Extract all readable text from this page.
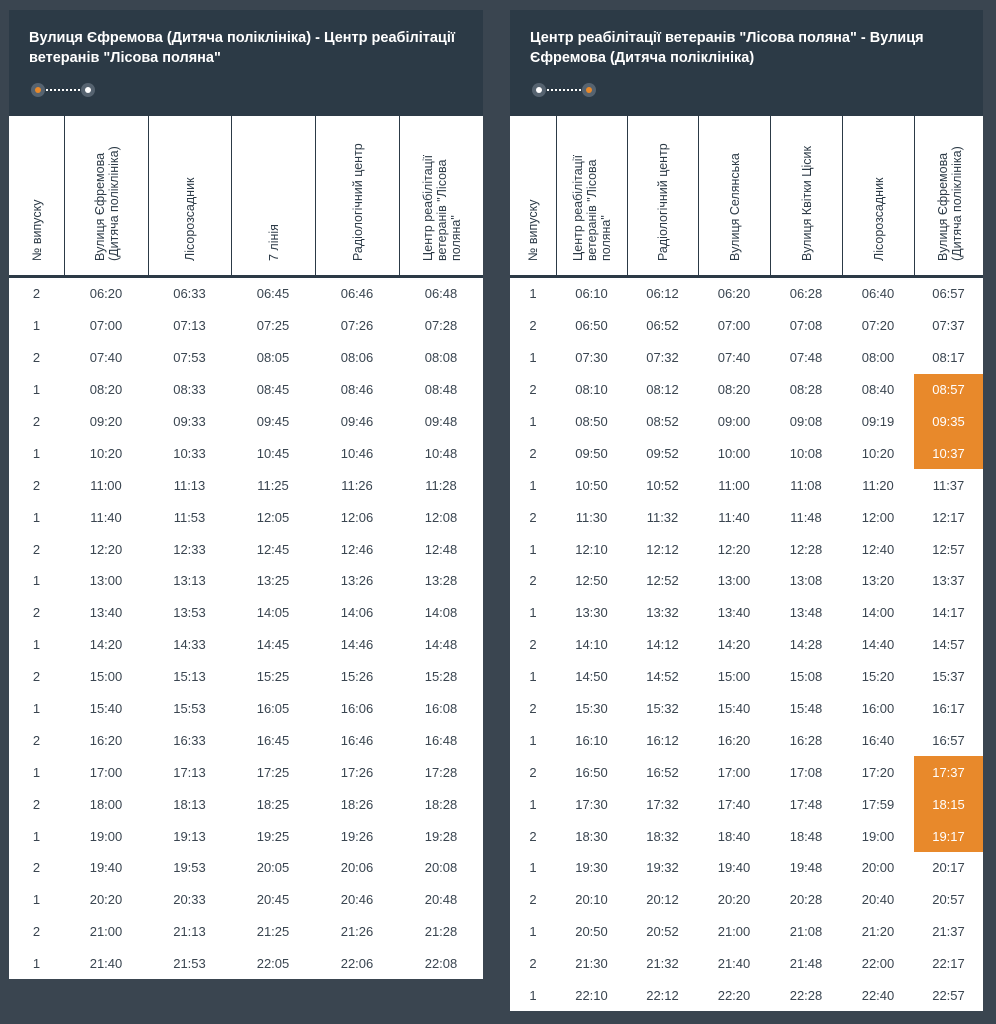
Вулиця Єфремова (Дитяча поліклініка) - Центр реабілітації ветеранів "Лісова поляна"

№ випуску	Вулиця Єфремова (Дитяча поліклініка)	Лісорозсадник	7 лінія	Радіологічний центр	Центр реабілітації ветеранів "Лісова поляна"

2	06:20	06:33	06:45	06:46	06:48
1	07:00	07:13	07:25	07:26	07:28
2	07:40	07:53	08:05	08:06	08:08
1	08:20	08:33	08:45	08:46	08:48
2	09:20	09:33	09:45	09:46	09:48
1	10:20	10:33	10:45	10:46	10:48
2	11:00	11:13	11:25	11:26	11:28
1	11:40	11:53	12:05	12:06	12:08
2	12:20	12:33	12:45	12:46	12:48
1	13:00	13:13	13:25	13:26	13:28
2	13:40	13:53	14:05	14:06	14:08
1	14:20	14:33	14:45	14:46	14:48
2	15:00	15:13	15:25	15:26	15:28
1	15:40	15:53	16:05	16:06	16:08
2	16:20	16:33	16:45	16:46	16:48
1	17:00	17:13	17:25	17:26	17:28
2	18:00	18:13	18:25	18:26	18:28
1	19:00	19:13	19:25	19:26	19:28
2	19:40	19:53	20:05	20:06	20:08
1	20:20	20:33	20:45	20:46	20:48
2	21:00	21:13	21:25	21:26	21:28
1	21:40	21:53	22:05	22:06	22:08

Центр реабілітації ветеранів "Лісова поляна" - Вулиця Єфремова (Дитяча поліклініка)

№ випуску	Центр реабілітації ветеранів "Лісова поляна"	Радіологічний центр	Вулиця Селянська	Вулиця Квітки Цісик	Лісорозсадник	Вулиця Єфремова (Дитяча поліклініка)

1	06:10	06:12	06:20	06:28	06:40	06:57
2	06:50	06:52	07:00	07:08	07:20	07:37
1	07:30	07:32	07:40	07:48	08:00	08:17
2	08:10	08:12	08:20	08:28	08:40	08:57
1	08:50	08:52	09:00	09:08	09:19	09:35
2	09:50	09:52	10:00	10:08	10:20	10:37
1	10:50	10:52	11:00	11:08	11:20	11:37
2	11:30	11:32	11:40	11:48	12:00	12:17
1	12:10	12:12	12:20	12:28	12:40	12:57
2	12:50	12:52	13:00	13:08	13:20	13:37
1	13:30	13:32	13:40	13:48	14:00	14:17
2	14:10	14:12	14:20	14:28	14:40	14:57
1	14:50	14:52	15:00	15:08	15:20	15:37
2	15:30	15:32	15:40	15:48	16:00	16:17
1	16:10	16:12	16:20	16:28	16:40	16:57
2	16:50	16:52	17:00	17:08	17:20	17:37
1	17:30	17:32	17:40	17:48	17:59	18:15
2	18:30	18:32	18:40	18:48	19:00	19:17
1	19:30	19:32	19:40	19:48	20:00	20:17
2	20:10	20:12	20:20	20:28	20:40	20:57
1	20:50	20:52	21:00	21:08	21:20	21:37
2	21:30	21:32	21:40	21:48	22:00	22:17
1	22:10	22:12	22:20	22:28	22:40	22:57
